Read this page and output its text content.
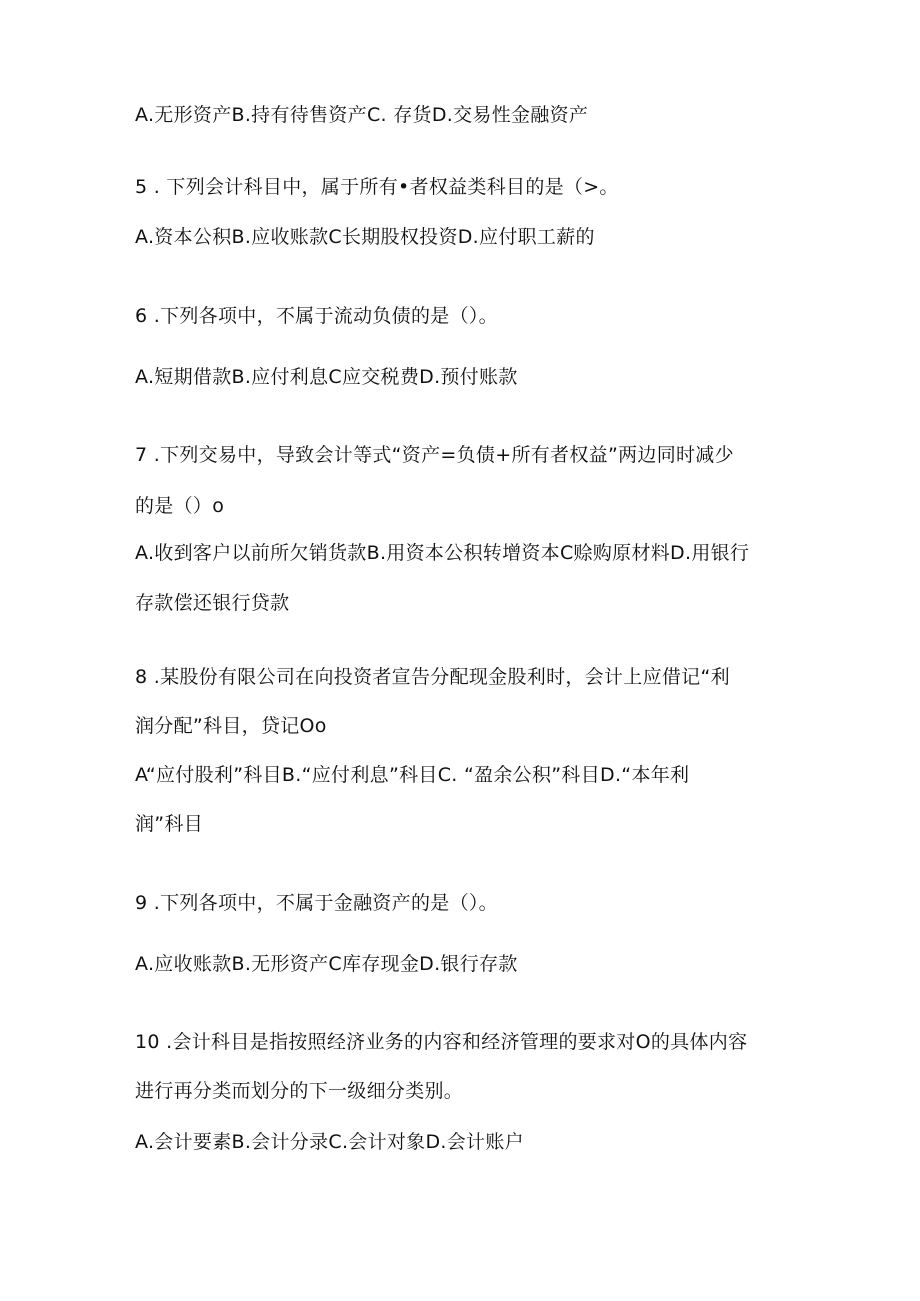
A.无形资产B.持有待售资产C. 存货D.交易性金融资产
5 . 下列会计科目中，属于所有•者权益类科目的是（>。
A.资本公积B.应收账款C长期股权投资D.应付职工薪的
6 .下列各项中，不属于流动负债的是（）。
A.短期借款B.应付利息C应交税费D.预付账款
7 .下列交易中，导致会计等式“资产=负债+所有者权益”两边同时减少
的是（）o
A.收到客户以前所欠销货款B.用资本公积转增资本C赊购原材料D.用银行
存款偿还银行贷款
8 .某股份有限公司在向投资者宣告分配现金股利时，会计上应借记“利
润分配”科目，贷记Oo
A“应付股利”科目B.“应付利息”科目C. “盈余公积”科目D.“本年利
润”科目
9 .下列各项中，不属于金融资产的是（）。
A.应收账款B.无形资产C库存现金D.银行存款
10 .会计科目是指按照经济业务的内容和经济管理的要求对O的具体内容
进行再分类而划分的下一级细分类别。
A.会计要素B.会计分录C.会计对象D.会计账户
